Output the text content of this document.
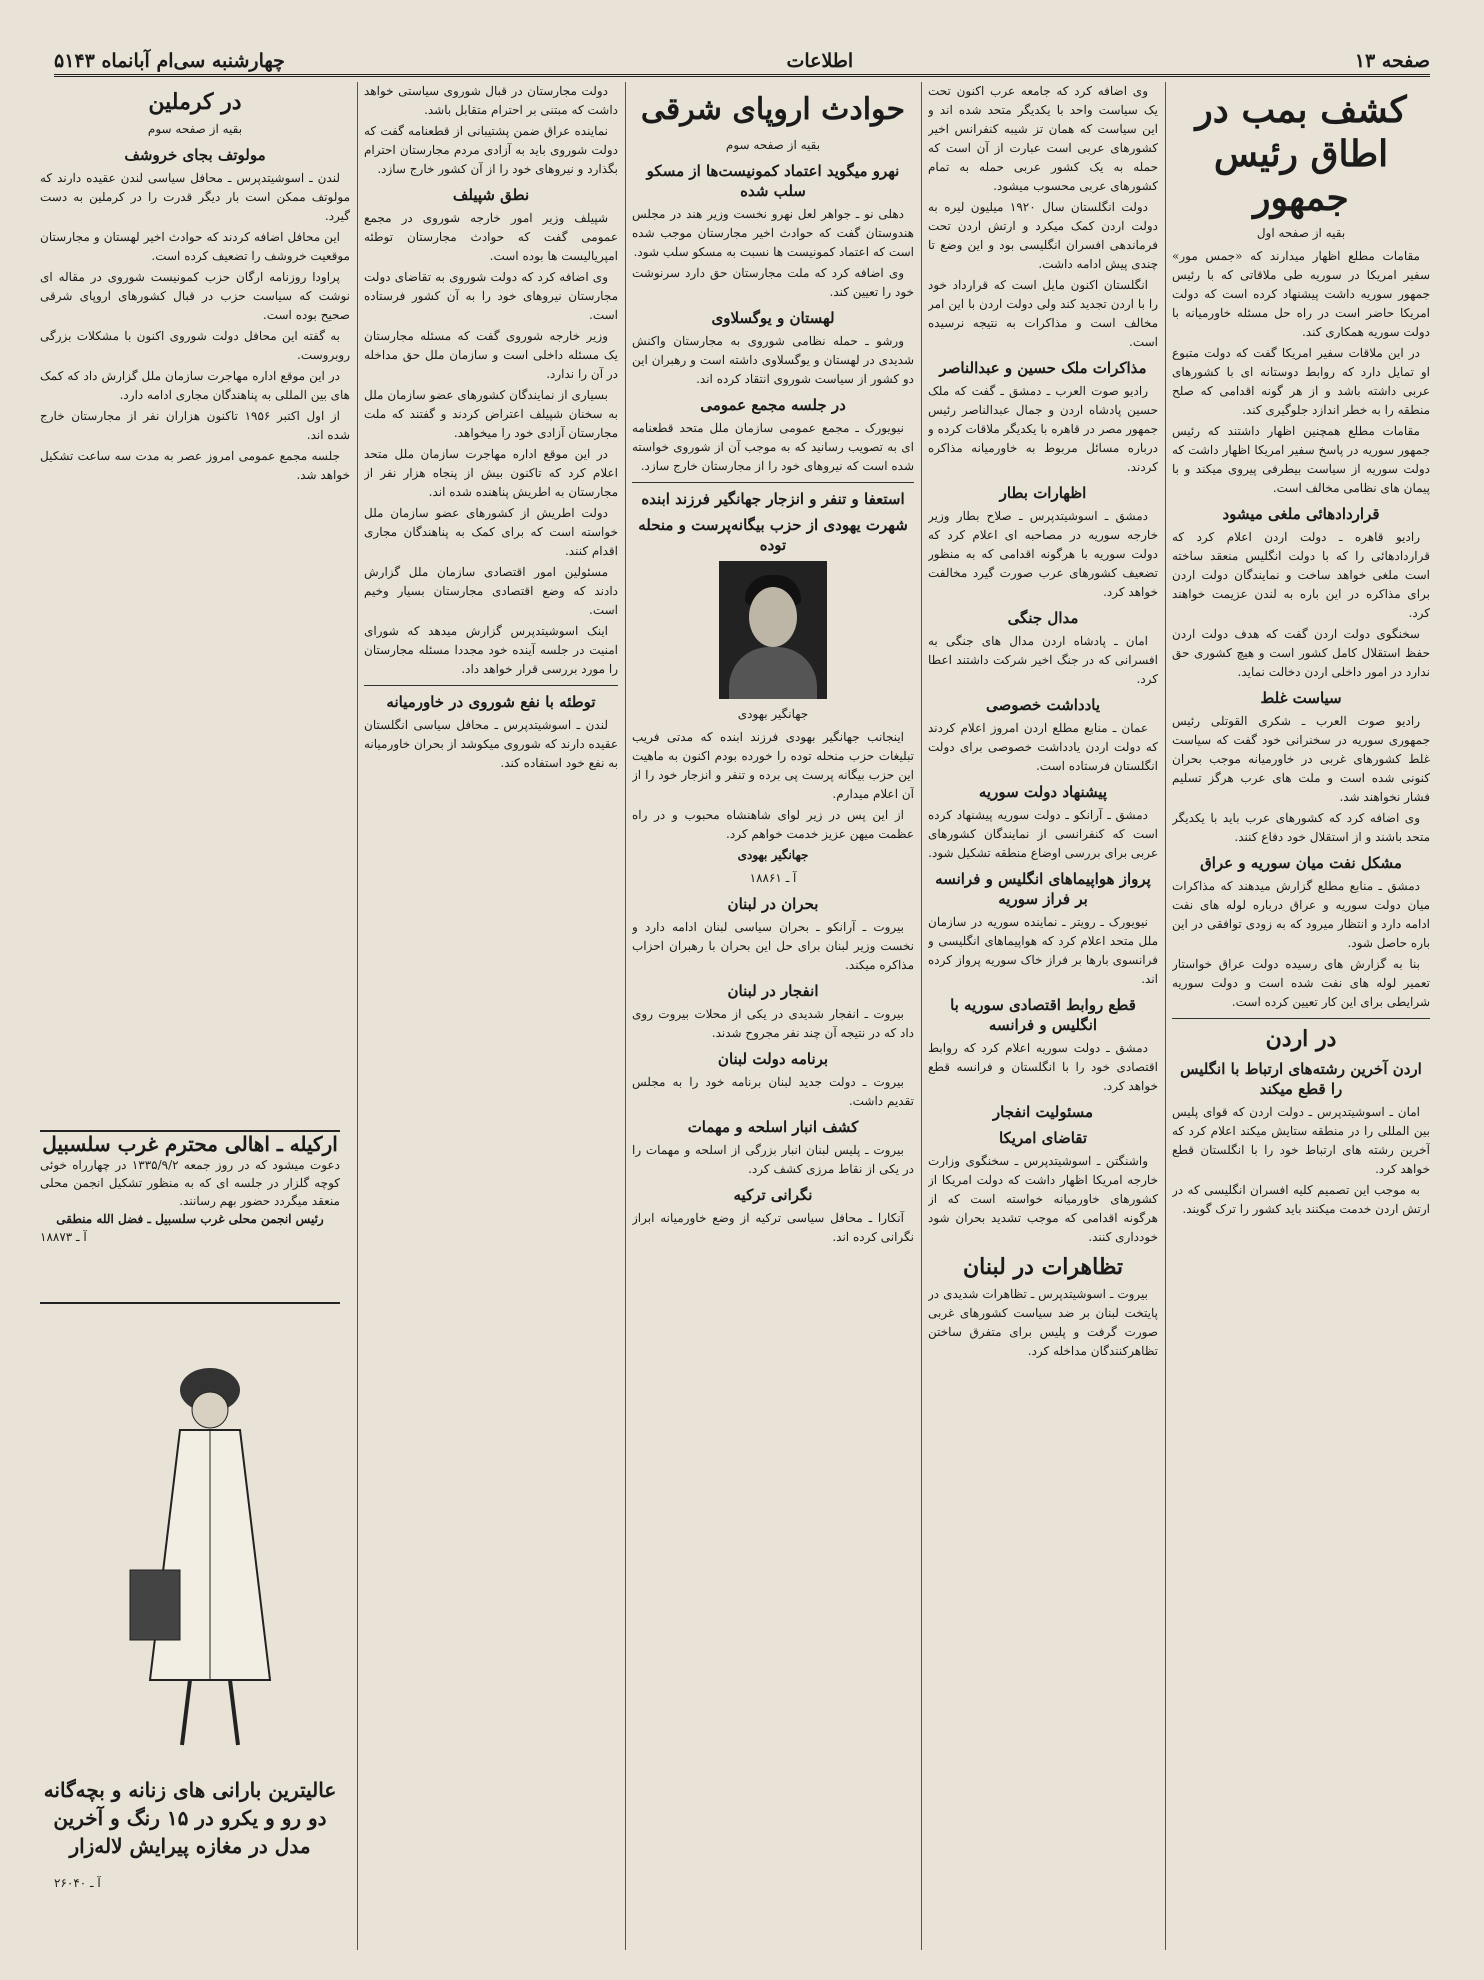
صفحه ۱۳
اطلاعات
چهارشنبه سی‌ام آبانماه ۵۱۴۳
کشف بمب در اطاق رئیس جمهور
بقیه از صفحه اول

مقامات مطلع اظهار میدارند که «جمس مور» سفیر امریکا در سوریه طی ملاقاتی که با رئیس جمهور سوریه داشت پیشنهاد کرده است که دولت امریکا حاضر است در راه حل مسئله خاورمیانه با دولت سوریه همکاری کند.

در این ملاقات سفیر امریکا گفت که دولت متبوع او تمایل دارد که روابط دوستانه ای با کشورهای عربی داشته باشد و از هر گونه اقدامی که صلح منطقه را به خطر اندازد جلوگیری کند.

مقامات مطلع همچنین اظهار داشتند که رئیس جمهور سوریه در پاسخ سفیر امریکا اظهار داشت که دولت سوریه از سیاست بیطرفی پیروی میکند و با پیمان های نظامی مخالف است.

قراردادهائی ملغی میشود

رادیو قاهره ـ دولت اردن اعلام کرد که قراردادهائی را که با دولت انگلیس منعقد ساخته است ملغی خواهد ساخت و نمایندگان دولت اردن برای مذاکره در این باره به لندن عزیمت خواهند کرد.

سخنگوی دولت اردن گفت که هدف دولت اردن حفظ استقلال کامل کشور است و هیچ کشوری حق ندارد در امور داخلی اردن دخالت نماید.

سیاست غلط

رادیو صوت العرب ـ شکری القوتلی رئیس جمهوری سوریه در سخنرانی خود گفت که سیاست غلط کشورهای غربی در خاورمیانه موجب بحران کنونی شده است و ملت های عرب هرگز تسلیم فشار نخواهند شد.

وی اضافه کرد که کشورهای عرب باید با یکدیگر متحد باشند و از استقلال خود دفاع کنند.

مشکل نفت میان سوریه و عراق

دمشق ـ منابع مطلع گزارش میدهند که مذاکرات میان دولت سوریه و عراق درباره لوله های نفت ادامه دارد و انتظار میرود که به زودی توافقی در این باره حاصل شود.

بنا به گزارش های رسیده دولت عراق خواستار تعمیر لوله های نفت شده است و دولت سوریه شرایطی برای این کار تعیین کرده است.

در اردن
اردن آخرین رشته‌های ارتباط با انگلیس را قطع میکند

امان ـ اسوشیتدپرس ـ دولت اردن که قوای پلیس بین المللی را در منطقه ستایش میکند اعلام کرد که آخرین رشته های ارتباط خود را با انگلستان قطع خواهد کرد.

به موجب این تصمیم کلیه افسران انگلیسی که در ارتش اردن خدمت میکنند باید کشور را ترک گویند.

وی اضافه کرد که جامعه عرب اکنون تحت یک سیاست واحد با یکدیگر متحد شده اند و این سیاست که همان تز شیبه کنفرانس اخیر کشورهای عربی است عبارت از آن است که حمله به یک کشور عربی حمله به تمام کشورهای عربی محسوب میشود.

دولت انگلستان سال ۱۹۲۰ میلیون لیره به دولت اردن کمک میکرد و ارتش اردن تحت فرماندهی افسران انگلیسی بود و این وضع تا چندی پیش ادامه داشت.

انگلستان اکنون مایل است که قرارداد خود را با اردن تجدید کند ولی دولت اردن با این امر مخالف است و مذاکرات به نتیجه نرسیده است.

مذاکرات ملک حسین و عبدالناصر

رادیو صوت العرب ـ دمشق ـ گفت که ملک حسین پادشاه اردن و جمال عبدالناصر رئیس جمهور مصر در قاهره با یکدیگر ملاقات کرده و درباره مسائل مربوط به خاورمیانه مذاکره کردند.

اظهارات بطار

دمشق ـ اسوشیتدپرس ـ صلاح بطار وزیر خارجه سوریه در مصاحبه ای اعلام کرد که دولت سوریه با هرگونه اقدامی که به منظور تضعیف کشورهای عرب صورت گیرد مخالفت خواهد کرد.

مدال جنگی

امان ـ پادشاه اردن مدال های جنگی به افسرانی که در جنگ اخیر شرکت داشتند اعطا کرد.

یادداشت خصوصی

عمان ـ منابع مطلع اردن امروز اعلام کردند که دولت اردن یادداشت خصوصی برای دولت انگلستان فرستاده است.

پیشنهاد دولت سوریه

دمشق ـ آرانکو ـ دولت سوریه پیشنهاد کرده است که کنفرانسی از نمایندگان کشورهای عربی برای بررسی اوضاع منطقه تشکیل شود.

پرواز هواپیماهای انگلیس و فرانسه بر فراز سوریه

نیویورک ـ رویتر ـ نماینده سوریه در سازمان ملل متحد اعلام کرد که هواپیماهای انگلیسی و فرانسوی بارها بر فراز خاک سوریه پرواز کرده اند.

قطع روابط اقتصادی سوریه با انگلیس و فرانسه

دمشق ـ دولت سوریه اعلام کرد که روابط اقتصادی خود را با انگلستان و فرانسه قطع خواهد کرد.

مسئولیت انفجار
تقاضای امریکا

واشنگتن ـ اسوشیتدپرس ـ سخنگوی وزارت خارجه امریکا اظهار داشت که دولت امریکا از کشورهای خاورمیانه خواسته است که از هرگونه اقدامی که موجب تشدید بحران شود خودداری کنند.

تظاهرات در لبنان

بیروت ـ اسوشیتدپرس ـ تظاهرات شدیدی در پایتخت لبنان بر ضد سیاست کشورهای غربی صورت گرفت و پلیس برای متفرق ساختن تظاهرکنندگان مداخله کرد.

حوادث اروپای شرقی
بقیه از صفحه سوم
نهرو میگوید اعتماد کمونیست‌ها از مسکو سلب شده

دهلی نو ـ جواهر لعل نهرو نخست وزیر هند در مجلس هندوستان گفت که حوادث اخیر مجارستان موجب شده است که اعتماد کمونیست ها نسبت به مسکو سلب شود.

وی اضافه کرد که ملت مجارستان حق دارد سرنوشت خود را تعیین کند.

لهستان و یوگسلاوی

ورشو ـ حمله نظامی شوروی به مجارستان واکنش شدیدی در لهستان و یوگسلاوی داشته است و رهبران این دو کشور از سیاست شوروی انتقاد کرده اند.

در جلسه مجمع عمومی

نیویورک ـ مجمع عمومی سازمان ملل متحد قطعنامه ای به تصویب رسانید که به موجب آن از شوروی خواسته شده است که نیروهای خود را از مجارستان خارج سازد.

استعفا و تنفر و انزجار جهانگیر فرزند ابنده
شهرت یهودی از حزب بیگانه‌پرست و منحله توده
جهانگیر بهودی

اینجانب جهانگیر بهودی فرزند ابنده که مدتی فریب تبلیغات حزب منحله توده را خورده بودم اکنون به ماهیت این حزب بیگانه پرست پی برده و تنفر و انزجار خود را از آن اعلام میدارم.

از این پس در زیر لوای شاهنشاه محبوب و در راه عظمت میهن عزیز خدمت خواهم کرد.

جهانگیر بهودی
آ ـ ۱۸۸۶۱
بحران در لبنان

بیروت ـ آرانکو ـ بحران سیاسی لبنان ادامه دارد و نخست وزیر لبنان برای حل این بحران با رهبران احزاب مذاکره میکند.

انفجار در لبنان

بیروت ـ انفجار شدیدی در یکی از محلات بیروت روی داد که در نتیجه آن چند نفر مجروح شدند.

برنامه دولت لبنان

بیروت ـ دولت جدید لبنان برنامه خود را به مجلس تقدیم داشت.

کشف انبار اسلحه و مهمات

بیروت ـ پلیس لبنان انبار بزرگی از اسلحه و مهمات را در یکی از نقاط مرزی کشف کرد.

نگرانی ترکیه

آنکارا ـ محافل سیاسی ترکیه از وضع خاورمیانه ابراز نگرانی کرده اند.

دولت مجارستان در قبال شوروی سیاستی خواهد داشت که مبتنی بر احترام متقابل باشد.

نماینده عراق ضمن پشتیبانی از قطعنامه گفت که دولت شوروی باید به آزادی مردم مجارستان احترام بگذارد و نیروهای خود را از آن کشور خارج سازد.

نطق شپیلف

شپیلف وزیر امور خارجه شوروی در مجمع عمومی گفت که حوادث مجارستان توطئه امپریالیست ها بوده است.

وی اضافه کرد که دولت شوروی به تقاضای دولت مجارستان نیروهای خود را به آن کشور فرستاده است.

وزیر خارجه شوروی گفت که مسئله مجارستان یک مسئله داخلی است و سازمان ملل حق مداخله در آن را ندارد.

بسیاری از نمایندگان کشورهای عضو سازمان ملل به سخنان شپیلف اعتراض کردند و گفتند که ملت مجارستان آزادی خود را میخواهد.

در این موقع اداره مهاجرت سازمان ملل متحد اعلام کرد که تاکنون بیش از پنجاه هزار نفر از مجارستان به اطریش پناهنده شده اند.

دولت اطریش از کشورهای عضو سازمان ملل خواسته است که برای کمک به پناهندگان مجاری اقدام کنند.

مسئولین امور اقتصادی سازمان ملل گزارش دادند که وضع اقتصادی مجارستان بسیار وخیم است.

اینک اسوشیتدپرس گزارش میدهد که شورای امنیت در جلسه آینده خود مجددا مسئله مجارستان را مورد بررسی قرار خواهد داد.

توطئه با نفع شوروی در خاورمیانه

لندن ـ اسوشیتدپرس ـ محافل سیاسی انگلستان عقیده دارند که شوروی میکوشد از بحران خاورمیانه به نفع خود استفاده کند.

در کرملین
بقیه از صفحه سوم
مولوتف بجای خروشف

لندن ـ اسوشیتدپرس ـ محافل سیاسی لندن عقیده دارند که مولوتف ممکن است بار دیگر قدرت را در کرملین به دست گیرد.

این محافل اضافه کردند که حوادث اخیر لهستان و مجارستان موقعیت خروشف را تضعیف کرده است.

پراودا روزنامه ارگان حزب کمونیست شوروی در مقاله ای نوشت که سیاست حزب در قبال کشورهای اروپای شرقی صحیح بوده است.

به گفته این محافل دولت شوروی اکنون با مشکلات بزرگی روبروست.

در این موقع اداره مهاجرت سازمان ملل گزارش داد که کمک های بین المللی به پناهندگان مجاری ادامه دارد.

از اول اکتبر ۱۹۵۶ تاکنون هزاران نفر از مجارستان خارج شده اند.

جلسه مجمع عمومی امروز عصر به مدت سه ساعت تشکیل خواهد شد.

ارکیله ـ اهالی محترم غرب سلسبیل
دعوت میشود که در روز جمعه ۱۳۳۵/۹/۲ در چهارراه خوئی کوچه گلزار در جلسه ای که به منظور تشکیل انجمن محلی منعقد میگردد حضور بهم رسانند.
رئیس انجمن محلی غرب سلسبیل ـ فضل الله منطقی
آ ـ ۱۸۸۷۳
عالیترین بارانی های زنانه و بچه‌گانه دو رو و یکرو در ۱۵ رنگ و آخرین مدل در مغازه پیرایش لاله‌زار
آ ـ ۲۶۰۴۰
